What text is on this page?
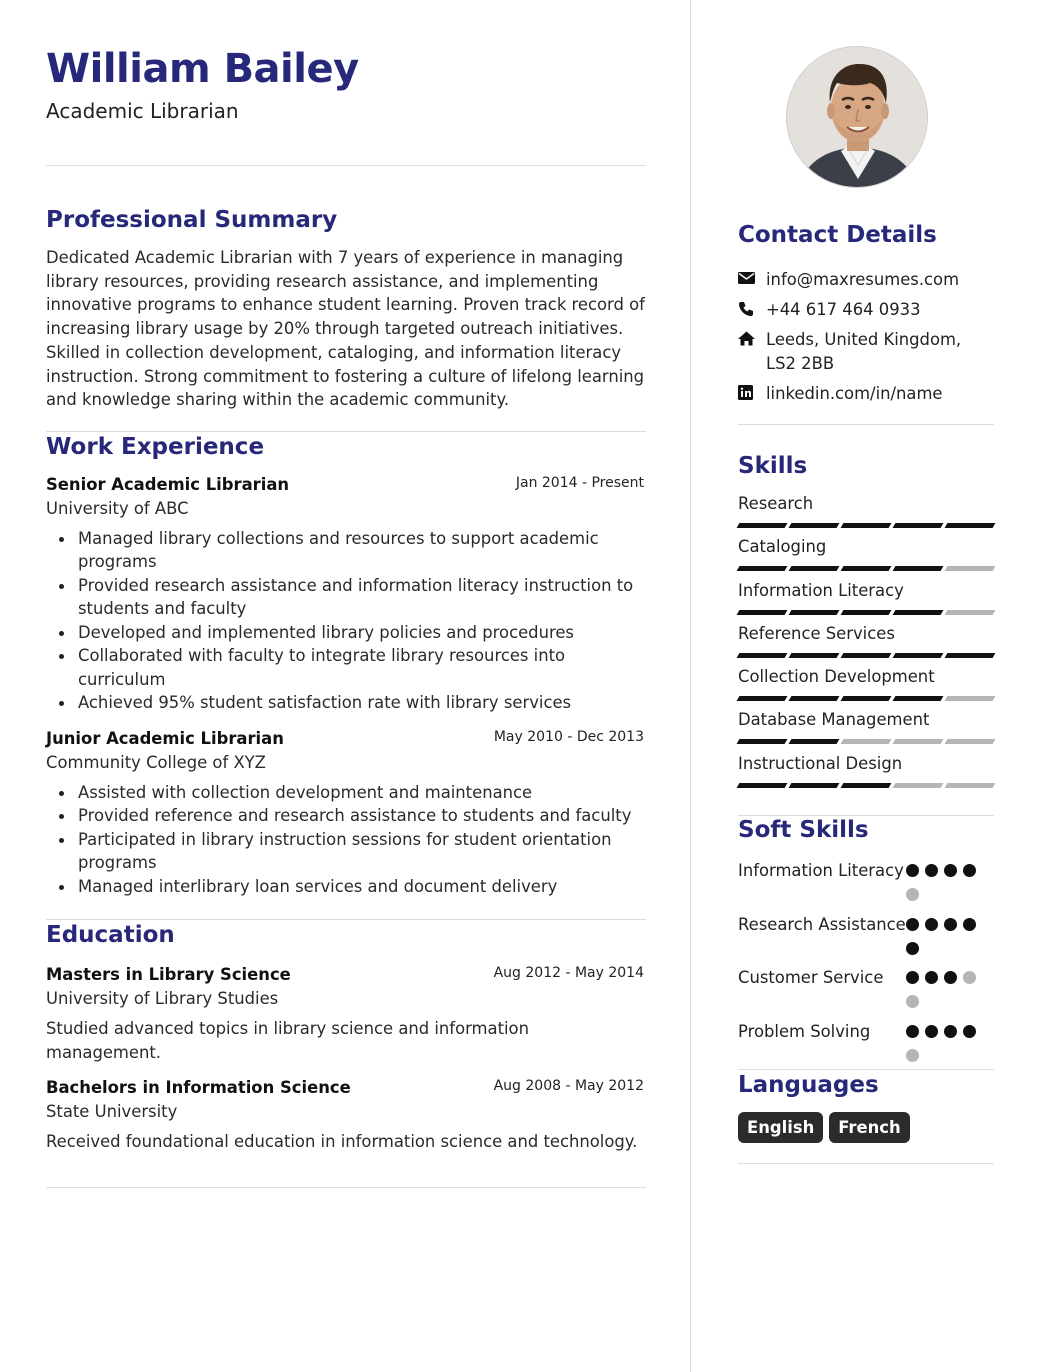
William Bailey
Academic Librarian
Professional Summary
Dedicated Academic Librarian with 7 years of experience in managing library resources, providing research assistance, and implementing innovative programs to enhance student learning. Proven track record of increasing library usage by 20% through targeted outreach initiatives. Skilled in collection development, cataloging, and information literacy instruction. Strong commitment to fostering a culture of lifelong learning and knowledge sharing within the academic community.
Work Experience
Senior Academic Librarian	Jan 2014 - Present
University of ABC
Managed library collections and resources to support academic programs
Provided research assistance and information literacy instruction to students and faculty
Developed and implemented library policies and procedures
Collaborated with faculty to integrate library resources into curriculum
Achieved 95% student satisfaction rate with library services
Junior Academic Librarian	May 2010 - Dec 2013
Community College of XYZ
Assisted with collection development and maintenance
Provided reference and research assistance to students and faculty
Participated in library instruction sessions for student orientation programs
Managed interlibrary loan services and document delivery
Education
Masters in Library Science	Aug 2012 - May 2014
University of Library Studies
Studied advanced topics in library science and information management.
Bachelors in Information Science	Aug 2008 - May 2012
State University
Received foundational education in information science and technology.
Contact Details
info@maxresumes.com
+44 617 464 0933
Leeds, United Kingdom, LS2 2BB
linkedin.com/in/name
Skills
Research
Cataloging
Information Literacy
Reference Services
Collection Development
Database Management
Instructional Design
Soft Skills
Information Literacy
Research Assistance
Customer Service
Problem Solving
Languages
English	French
